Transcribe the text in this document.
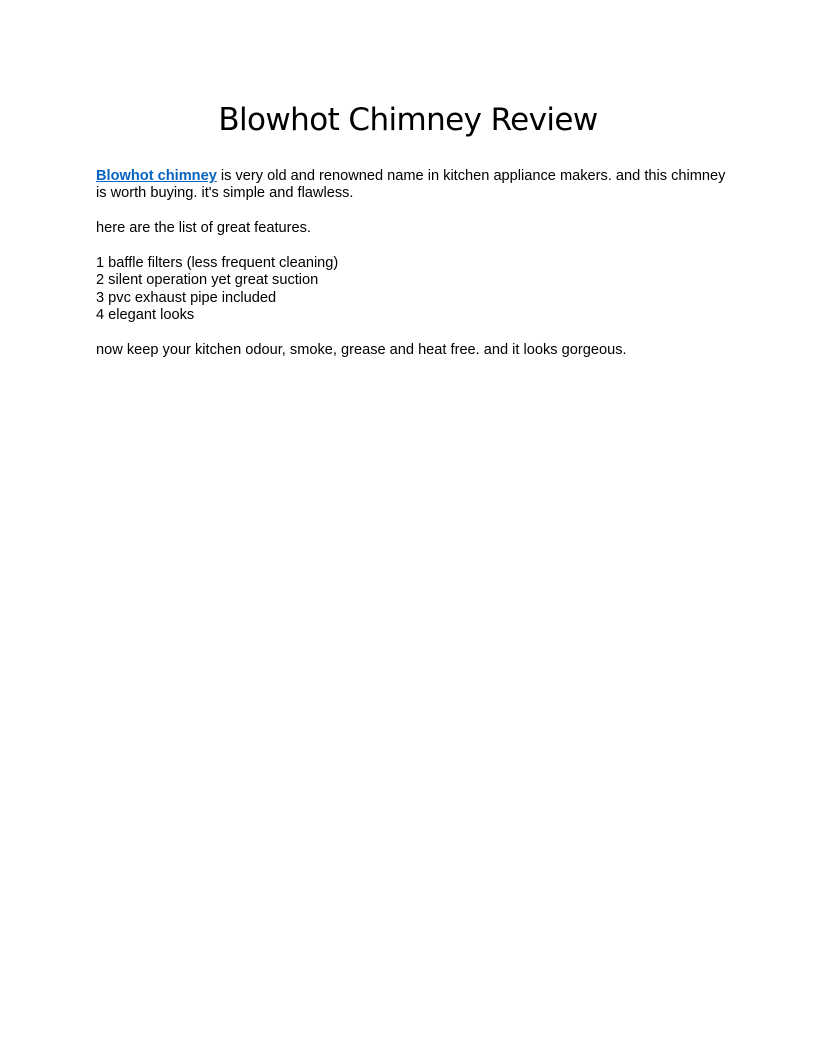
Blowhot Chimney Review

Blowhot chimney is very old and renowned name in kitchen appliance makers. and this chimney is worth buying. it's simple and flawless.

here are the list of great features.

1 baffle filters (less frequent cleaning)
2 silent operation yet great suction
3 pvc exhaust pipe included
4 elegant looks

now keep your kitchen odour, smoke, grease and heat free. and it looks gorgeous.
